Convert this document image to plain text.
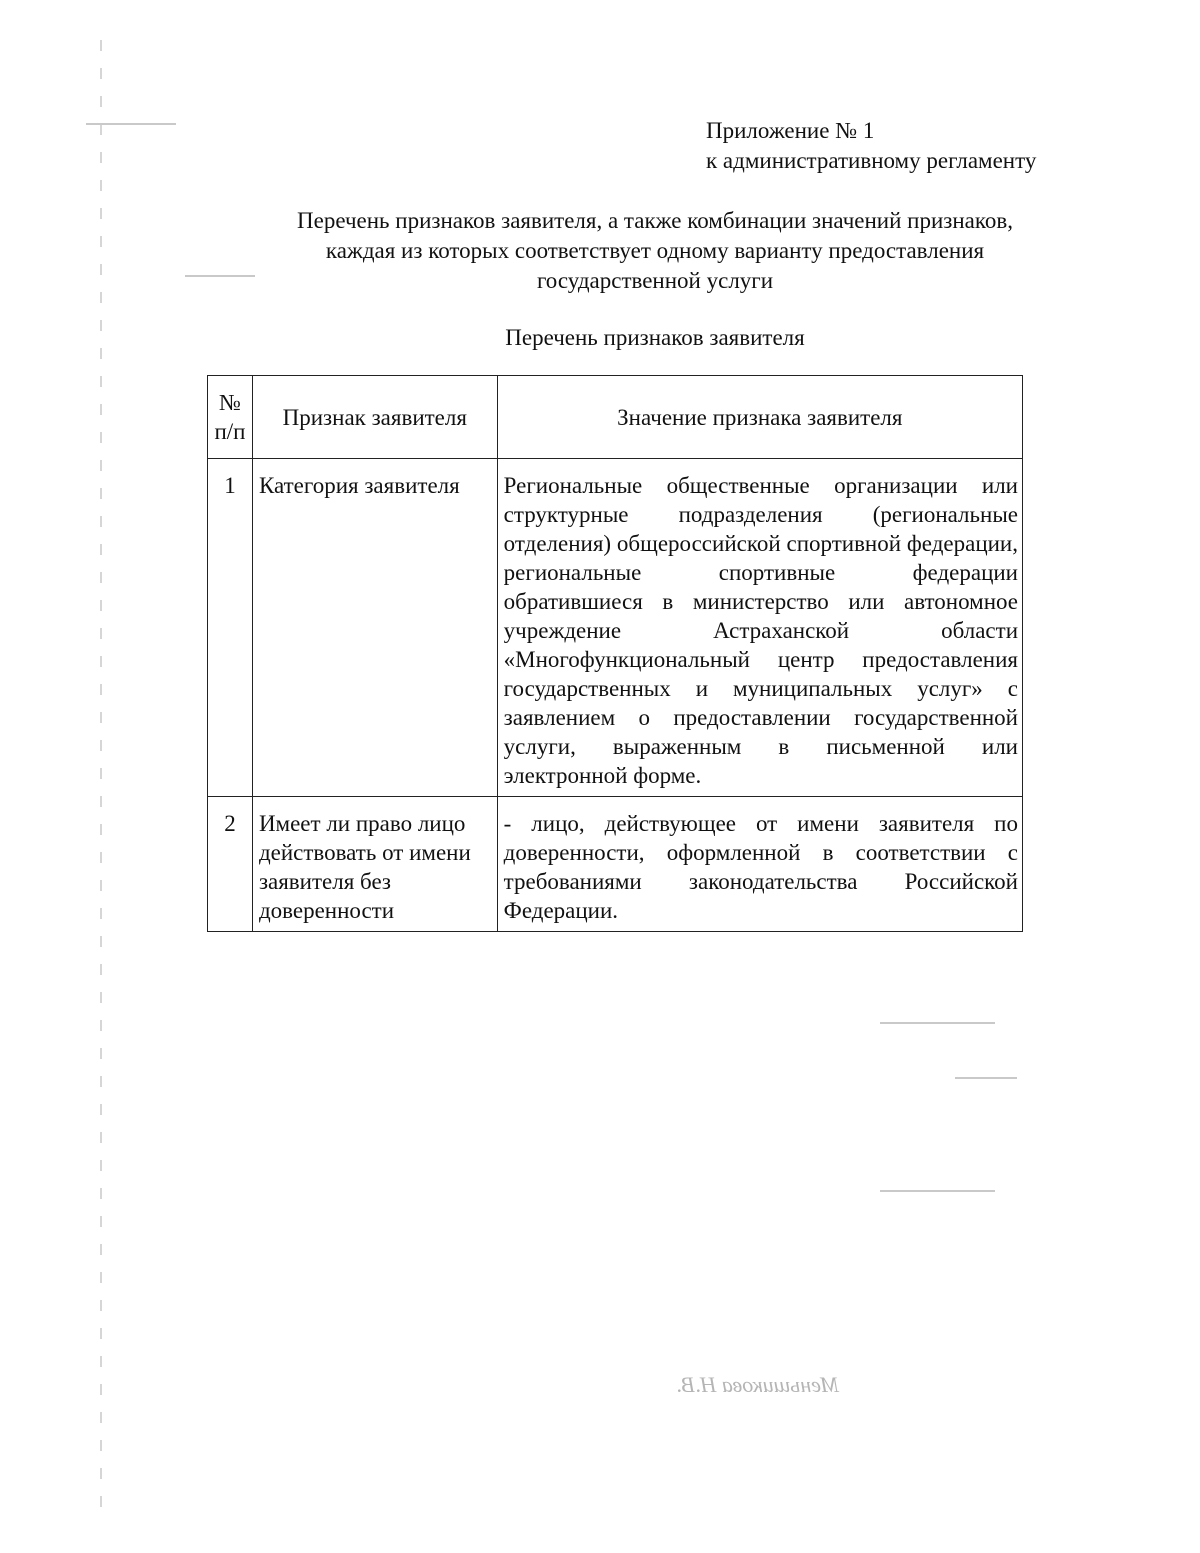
Приложение № 1
к административному регламенту
Перечень признаков заявителя, а также комбинации значений признаков,
каждая из которых соответствует одному варианту предоставления
государственной услуги
Перечень признаков заявителя
№ п/п	Признак заявителя	Значение признака заявителя
1	Категория заявителя	Региональные общественные организации или структурные подразделения (региональные отделения) общероссийской спортивной федерации, региональные спортивные федерации обратившиеся в министерство или автономное учреждение Астраханской области «Многофункциональный центр предоставления государственных и муниципальных услуг» с заявлением о предоставлении государственной услуги, выраженным в письменной или электронной форме.
2	Имеет ли право лицо действовать от имени заявителя без доверенности	- лицо, действующее от имени заявителя по доверенности, оформленной в соответствии с требованиями законодательства Российской Федерации.
Меньшикова Н.В.
